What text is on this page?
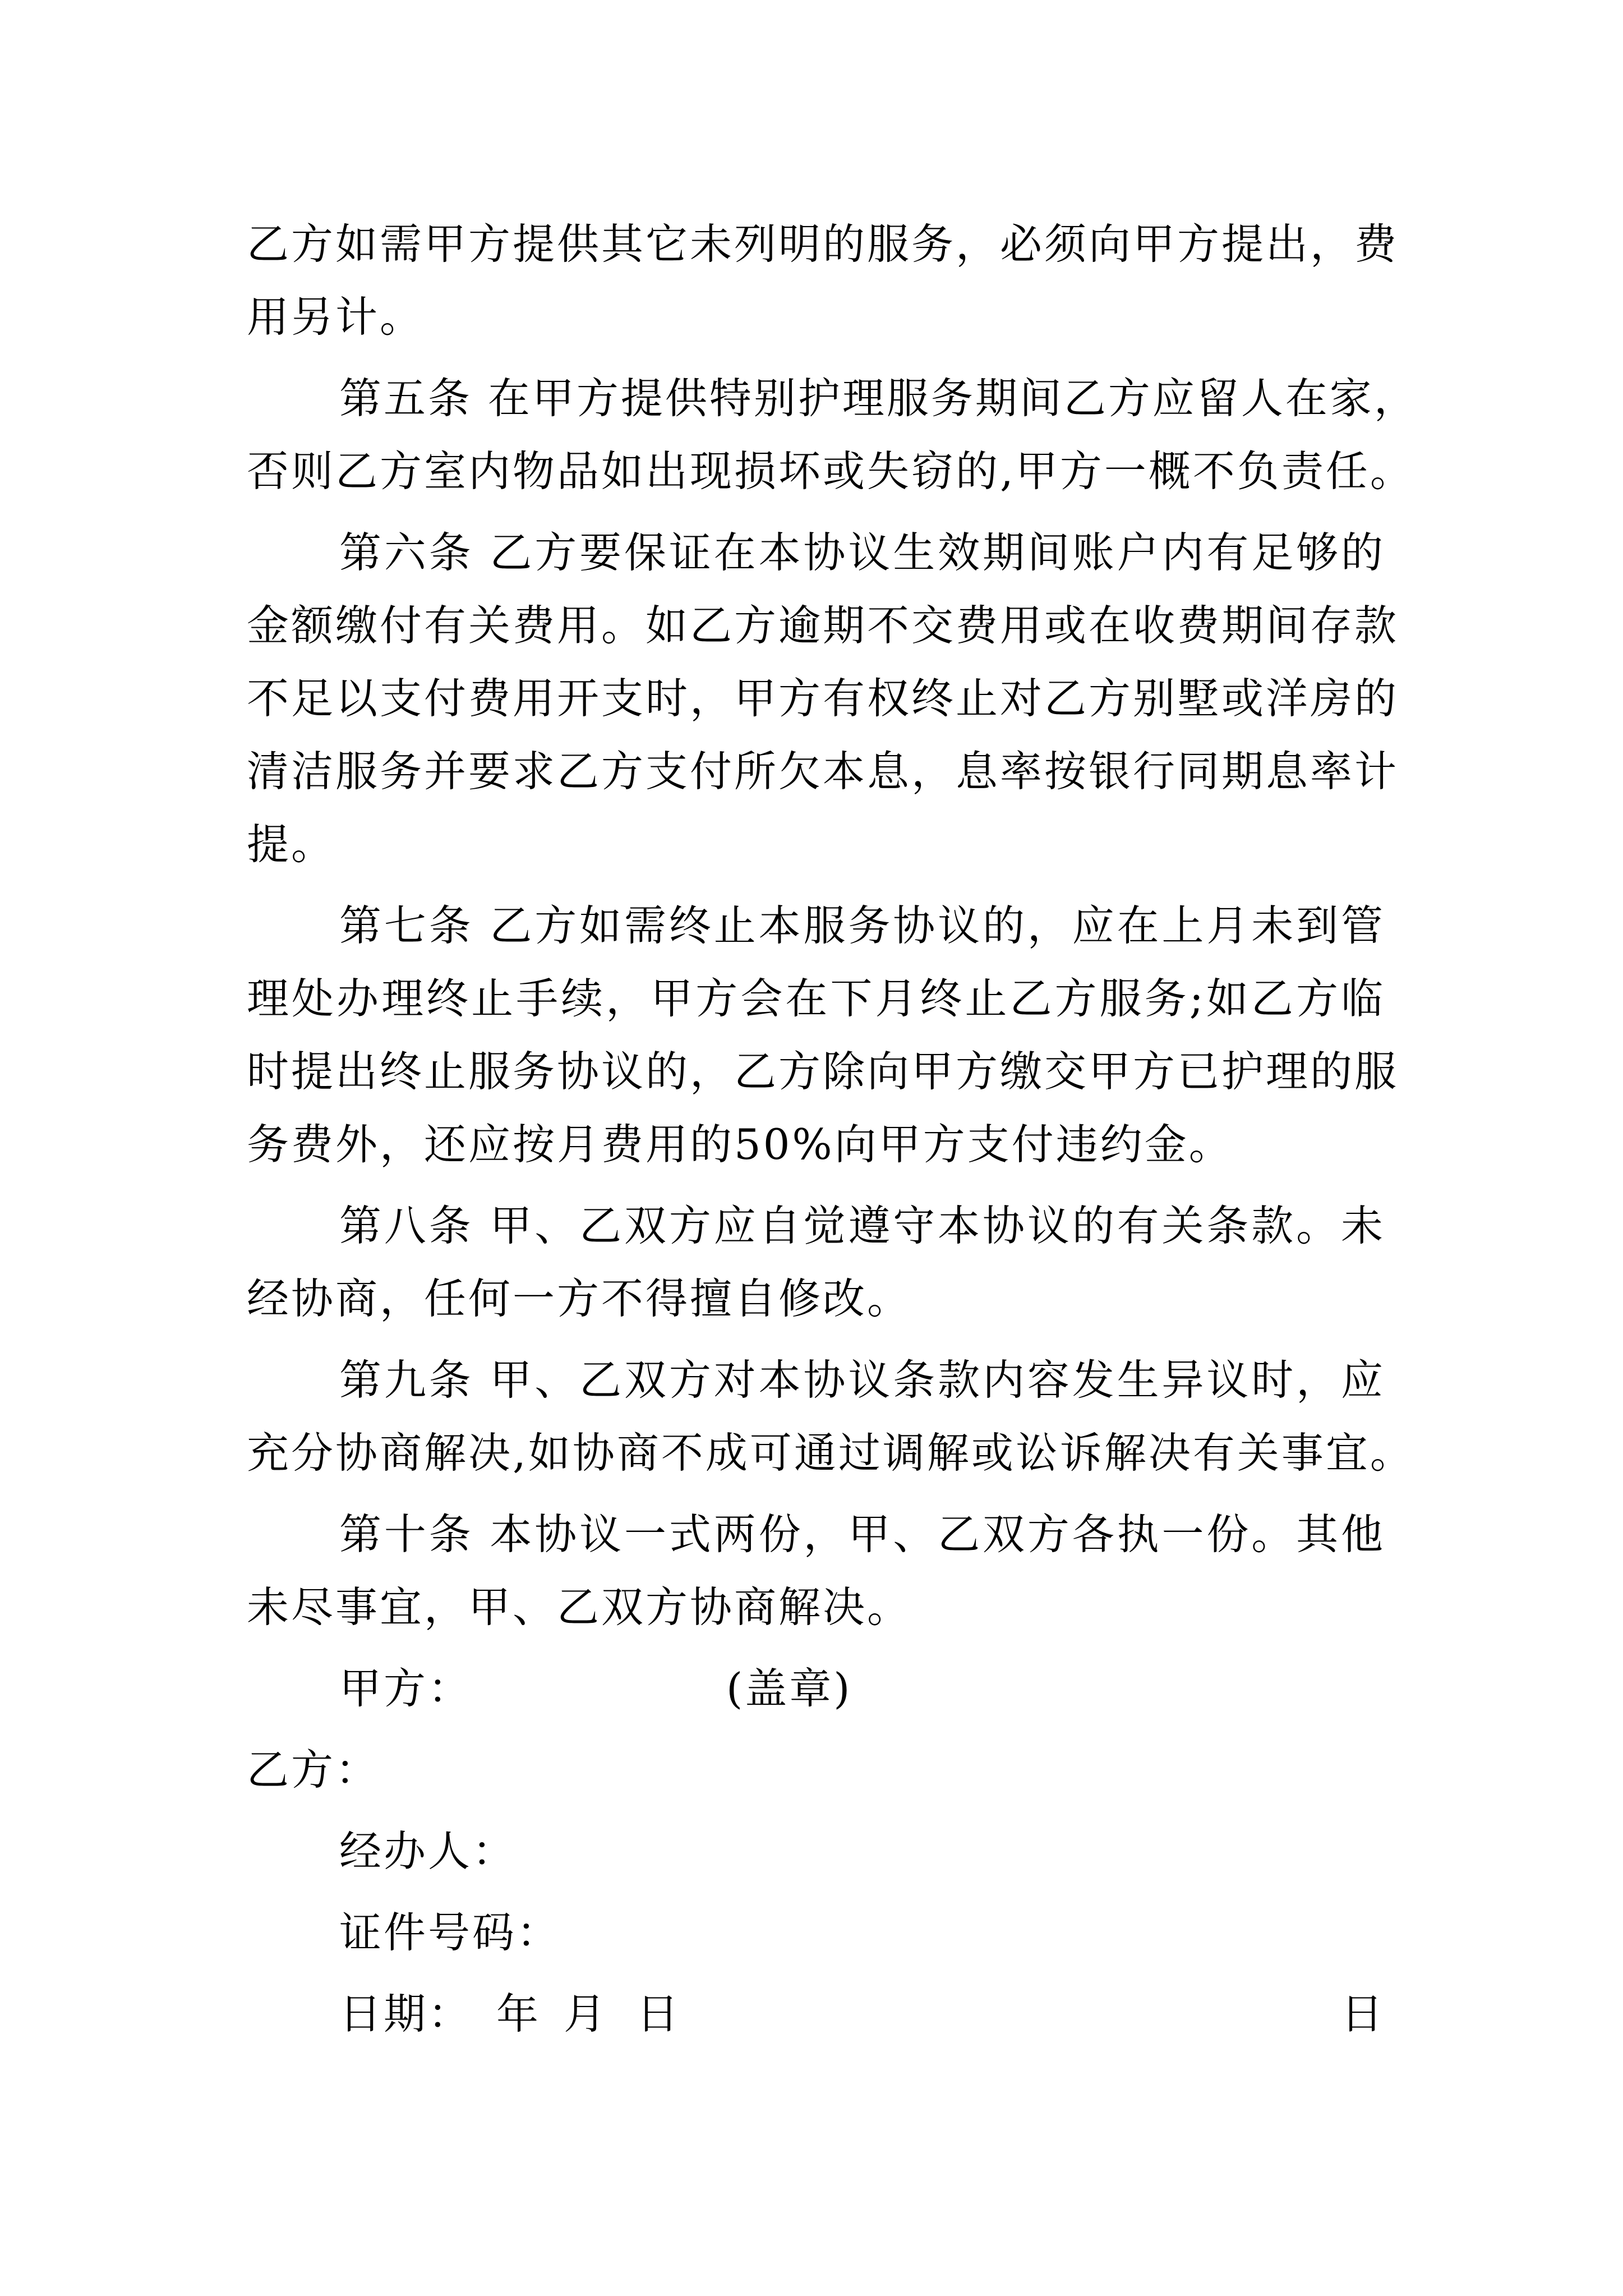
乙方如需甲方提供其它未列明的服务，必须向甲方提出，费
用另计。
第五条 在甲方提供特别护理服务期间乙方应留人在家，
否则乙方室内物品如出现损坏或失窃的,甲方一概不负责任。
第六条 乙方要保证在本协议生效期间账户内有足够的
金额缴付有关费用。如乙方逾期不交费用或在收费期间存款
不足以支付费用开支时，甲方有权终止对乙方别墅或洋房的
清洁服务并要求乙方支付所欠本息，息率按银行同期息率计
提。
第七条 乙方如需终止本服务协议的，应在上月未到管
理处办理终止手续，甲方会在下月终止乙方服务;如乙方临
时提出终止服务协议的，乙方除向甲方缴交甲方已护理的服
务费外，还应按月费用的50%向甲方支付违约金。
第八条 甲、乙双方应自觉遵守本协议的有关条款。未
经协商，任何一方不得擅自修改。
第九条 甲、乙双方对本协议条款内容发生异议时，应
充分协商解决,如协商不成可通过调解或讼诉解决有关事宜。
第十条 本协议一式两份，甲、乙双方各执一份。其他
未尽事宜，甲、乙双方协商解决。
甲方：	(盖章)
乙方：
经办人：
证件号码：
日期： 年 月 日	日
